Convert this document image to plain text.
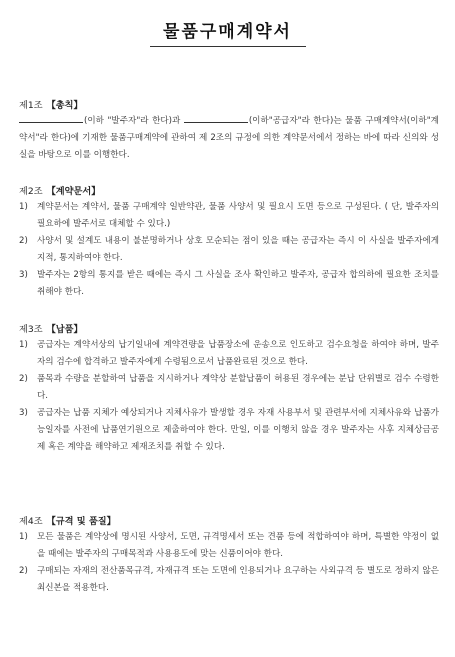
물품구매계약서
제1조 【총칙】
(이하 "발주자"라 한다)과	(이하"공급자"라 한다)는 물품 구매계약서(이하"계약서"라 한다)에 기재한 물품구매계약에 관하여 제 2조의 규정에 의한 계약문서에서 정하는 바에 따라 신의와 성실을 바탕으로 이를 이행한다.
제2조 【계약문서】
1) 계약문서는 계약서, 물품 구매계약 일반약관, 물품 사양서 및 필요시 도면 등으로 구성된다. ( 단, 발주자의 필요하에 발주서로 대체할 수 있다.)
2) 사양서 및 설계도 내용이 불분명하거나 상호 모순되는 점이 있을 때는 공급자는 즉시 이 사실을 발주자에게 지적, 통지하여야 한다.
3) 발주자는 2항의 통지를 받은 때에는 즉시 그 사실을 조사 확인하고 발주자, 공급자 합의하에 필요한 조치를 취해야 한다.
제3조 【납품】
1) 공급자는 계약서상의 납기일내에 계약견량을 납품장소에 운송으로 인도하고 검수요청을 하여야 하며, 발주자의 검수에 합격하고 발주자에게 수령됨으로서 납품완료된 것으로 한다.
2) 품목과 수량을 분할하여 납품을 지시하거나 계약상 분할납품이 허용된 경우에는 분납 단위별로 검수 수령한다.
3) 공급자는 납품 지체가 예상되거나 지체사유가 발생할 경우 자재 사용부서 및 관련부서에 지체사유와 납품가능일자를 사전에 납품연기원으로 제출하여야 한다. 만일, 이를 이행치 않을 경우 발주자는 사후 지체상금공제 혹은 계약을 해약하고 제재조치를 취할 수 있다.
제4조 【규격 및 품질】
1) 모든 물품은 계약상에 명시된 사양서, 도면, 규격명세서 또는 견품 등에 적합하여야 하며, 특별한 약정이 없을 때에는 발주자의 구매목적과 사용용도에 맞는 신품이어야 한다.
2) 구매되는 자재의 전산품목규격, 자재규격 또는 도면에 인용되거나 요구하는 사외규격 등 별도로 정하지 않은 최신본을 적용한다.
